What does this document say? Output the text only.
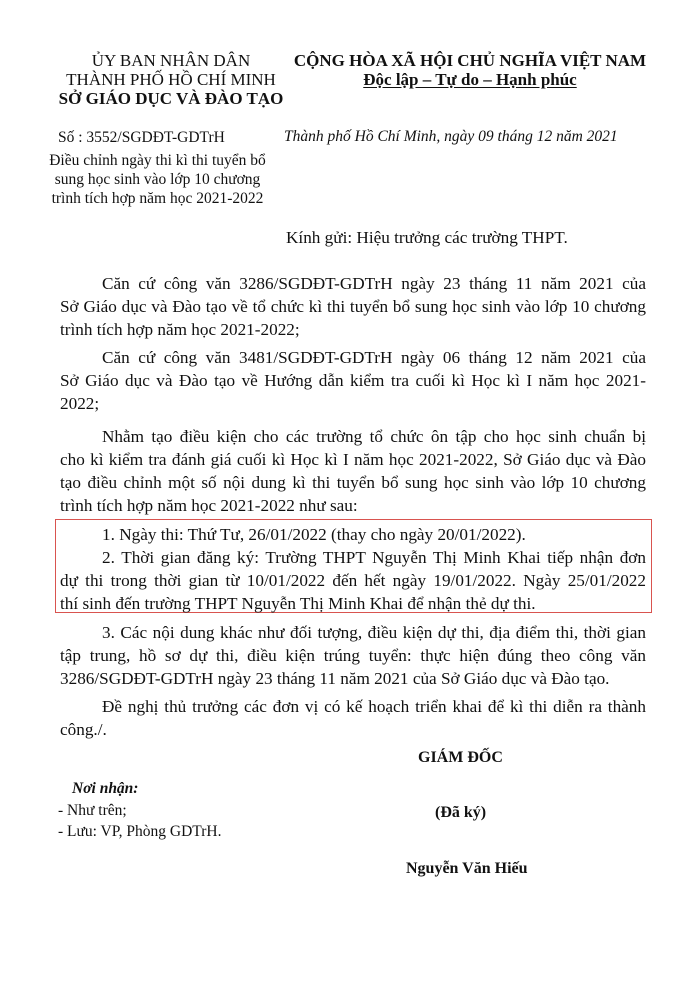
ỦY BAN NHÂN DÂN
THÀNH PHỐ HỒ CHÍ MINH
SỞ GIÁO DỤC VÀ ĐÀO TẠO
CỘNG HÒA XÃ HỘI CHỦ NGHĨA VIỆT NAM
Độc lập – Tự do – Hạnh phúc
Số : 3552/SGDĐT-GDTrH
Điều chỉnh ngày thi kì thi tuyển bổ
sung học sinh vào lớp 10 chương
trình tích hợp năm học 2021-2022
Thành phố Hồ Chí Minh, ngày 09 tháng 12 năm 2021
Kính gửi: Hiệu trưởng các trường THPT.
Căn cứ công văn 3286/SGDĐT-GDTrH ngày 23 tháng 11 năm 2021 của
Sở Giáo dục và Đào tạo về tổ chức kì thi tuyển bổ sung học sinh vào lớp 10 chương
trình tích hợp năm học 2021-2022;
Căn cứ công văn 3481/SGDĐT-GDTrH ngày 06 tháng 12 năm 2021 của
Sở Giáo dục và Đào tạo về Hướng dẫn kiểm tra cuối kì Học kì I năm học 2021-
2022;
Nhằm tạo điều kiện cho các trường tổ chức ôn tập cho học sinh chuẩn bị
cho kì kiểm tra đánh giá cuối kì Học kì I năm học 2021-2022, Sở Giáo dục và Đào
tạo điều chỉnh một số nội dung kì thi tuyển bổ sung học sinh vào lớp 10 chương
trình tích hợp năm học 2021-2022 như sau:
1. Ngày thi: Thứ Tư, 26/01/2022 (thay cho ngày 20/01/2022).
2. Thời gian đăng ký: Trường THPT Nguyễn Thị Minh Khai tiếp nhận đơn
dự thi trong thời gian từ 10/01/2022 đến hết ngày 19/01/2022. Ngày 25/01/2022
thí sinh đến trường THPT Nguyễn Thị Minh Khai để nhận thẻ dự thi.
3. Các nội dung khác như đối tượng, điều kiện dự thi, địa điểm thi, thời gian
tập trung, hồ sơ dự thi, điều kiện trúng tuyển: thực hiện đúng theo công văn
3286/SGDĐT-GDTrH ngày 23 tháng 11 năm 2021 của Sở Giáo dục và Đào tạo.
Đề nghị thủ trưởng các đơn vị có kế hoạch triển khai để kì thi diễn ra thành
công./.
GIÁM ĐỐC
(Đã ký)
Nguyễn Văn Hiếu
Nơi nhận:
- Như trên;
- Lưu: VP, Phòng GDTrH.
